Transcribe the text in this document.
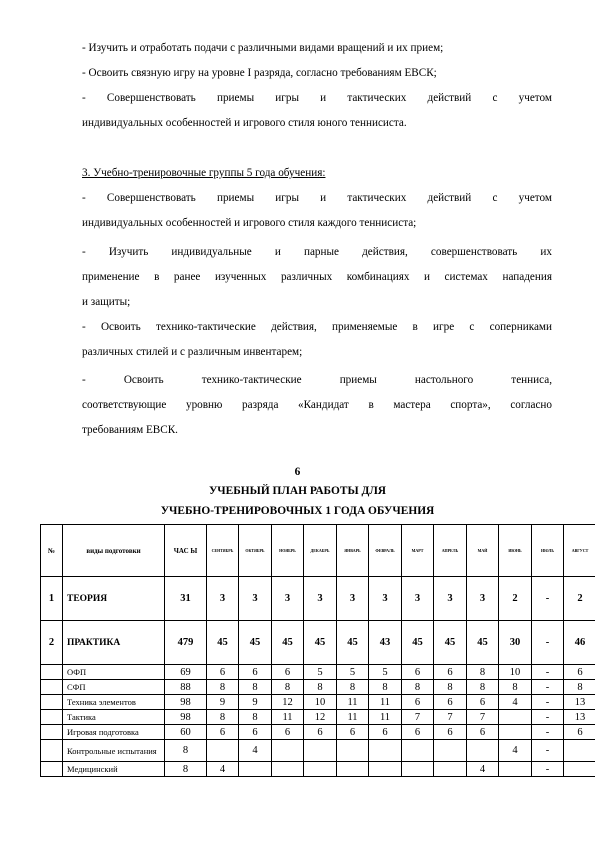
- Изучить и отработать подачи с различными видами вращений и их прием;

- Освоить связную игру на уровне I разряда, согласно требованиям ЕВСК;

- Совершенствовать приемы игры и тактических действий с учетом

индивидуальных особенностей и игрового стиля юного теннисиста.

3. Учебно-тренировочные группы 5 года обучения:

- Совершенствовать приемы игры и тактических действий с учетом

индивидуальных особенностей и игрового стиля каждого теннисиста;

- Изучить индивидуальные и парные действия, совершенствовать их

применение в ранее изученных различных комбинациях и системах нападения

и защиты;

- Освоить технико-тактические действия, применяемые в игре с соперниками

различных стилей и с различным инвентарем;

- Освоить технико-тактические приемы настольного тенниса,

соответствующие уровню разряда «Кандидат в мастера спорта», согласно

требованиям ЕВСК.

6

УЧЕБНЫЙ ПЛАН РАБОТЫ ДЛЯ

УЧЕБНО-ТРЕНИРОВОЧНЫХ 1 ГОДА ОБУЧЕНИЯ

№	виды подготовки	ЧАС Ы	СЕНТЯБРЬ	ОКТЯБРЬ	НОЯБРЬ	ДЕКАБРЬ	ЯНВАРЬ	ФЕВРАЛЬ	МАРТ	АПРЕЛЬ	МАЙ	ИЮНЬ	ИЮЛЬ	АВГУСТ
1	ТЕОРИЯ	31	3	3	3	3	3	3	3	3	3	2	-	2
2	ПРАКТИКА	479	45	45	45	45	45	43	45	45	45	30	-	46
	ОФП	69	6	6	6	5	5	5	6	6	8	10	-	6
	СФП	88	8	8	8	8	8	8	8	8	8	8	-	8
	Техника элементов	98	9	9	12	10	11	11	6	6	6	4	-	13
	Тактика	98	8	8	11	12	11	11	7	7	7		-	13
	Игровая подготовка	60	6	6	6	6	6	6	6	6	6		-	6
	Контрольные испытания	8		4								4	-	
	Медицинский	8	4								4		-	
